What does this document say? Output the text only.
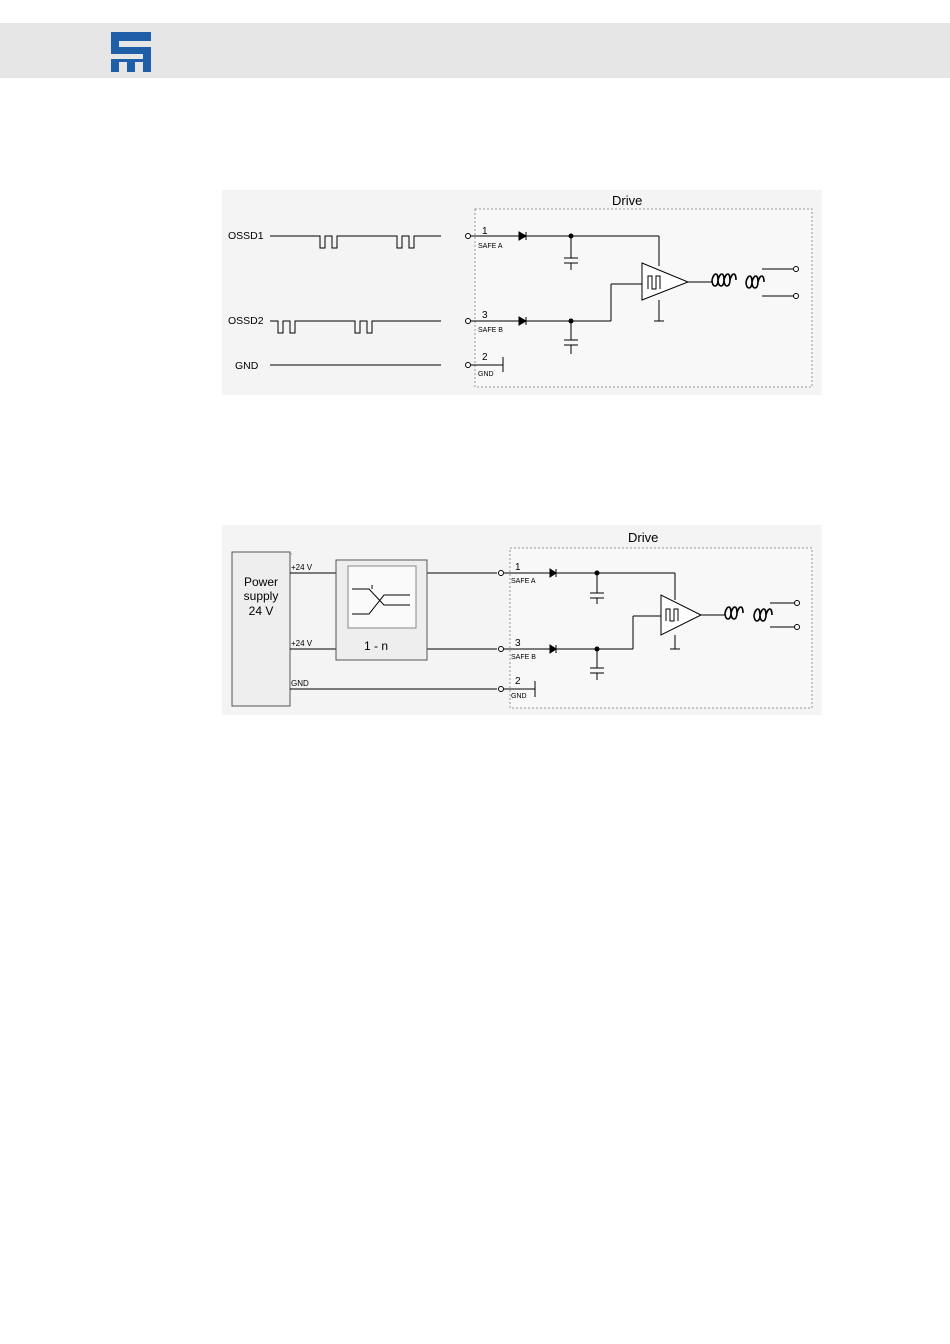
OSSD1
OSSD2
GND
Drive
1
SAFE A
3
SAFE B
2
GND
Power
supply
24 V
+24 V
+24 V
GND
1 - n
Drive
1
SAFE A
3
SAFE B
2
GND
